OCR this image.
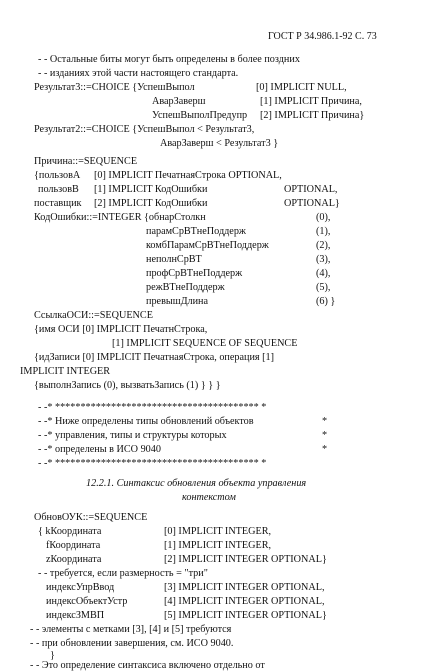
ГОСТ Р 34.986.1-92 С. 73
- - Остальные биты могут быть определены в более поздних
- - изданиях этой части настоящего стандарта.
Результат3::=CHOICE {УспешВыпол	[0] IMPLICIT NULL,
АварЗаверш	[1] IMPLICIT Причина,
УспешВыполПредупр [2] IMPLICIT Причина}
Результат2::=CHOICE {УспешВыпол < Результат3,
АварЗаверш < Результат3 }
Причина::=SEQUENCE
{пользовА [0] IMPLICIT ПечатнаяСтрока OPTIONAL,
пользовВ [1] IMPLICIT КодОшибки	OPTIONAL,
поставщик [2] IMPLICIT КодОшибки	OPTIONAL}
КодОшибки::=INTEGER {обнарСтолкн	(0),
парамСрВТнеПоддерж	(1),
комбПарамСрВТнеПоддерж	(2),
неполнСрВТ	(3),
профСрВТнеПоддерж	(4),
режВТнеПоддерж	(5),
превышДлина	(6) }
СсылкаОСИ::=SEQUENCE
{имя ОСИ [0] IMPLICIT ПечатнСтрока,
[1] IMPLICIT SEQUENCE OF SEQUENCE
{идЗаписи [0] IMPLICIT ПечатнаяСтрока, операция [1]
IMPLICIT INTEGER
{выполнЗапись (0), вызватьЗапись (1) } } }
- -* **************************************** *
- -* Ниже определены типы обновлений объектов	*
- -* управления, типы и структуры которых	*
- -* определены в ИСО 9040	*
- -* **************************************** *
12.2.1. Синтаксис обновления объекта управления
контекстом
ОбновОУК::=SEQUENCE
{ kКоордината	[0] IMPLICIT INTEGER,
fКоордината	[1] IMPLICIT INTEGER,
zКоордината	[2] IMPLICIT INTEGER OPTIONAL}
- - требуется, если размерность = "три"
индексУпрВвод	[3] IMPLICIT INTEGER OPTIONAL,
индексОбъектУстр	[4] IMPLICIT INTEGER OPTIONAL,
индексЗМВП	[5] IMPLICIT INTEGER OPTIONAL}
- - элементы с метками [3], [4] и [5] требуются
- - при обновлении завершения, см. ИСО 9040.
}
- - Это определение синтаксиса включено отдельно от
